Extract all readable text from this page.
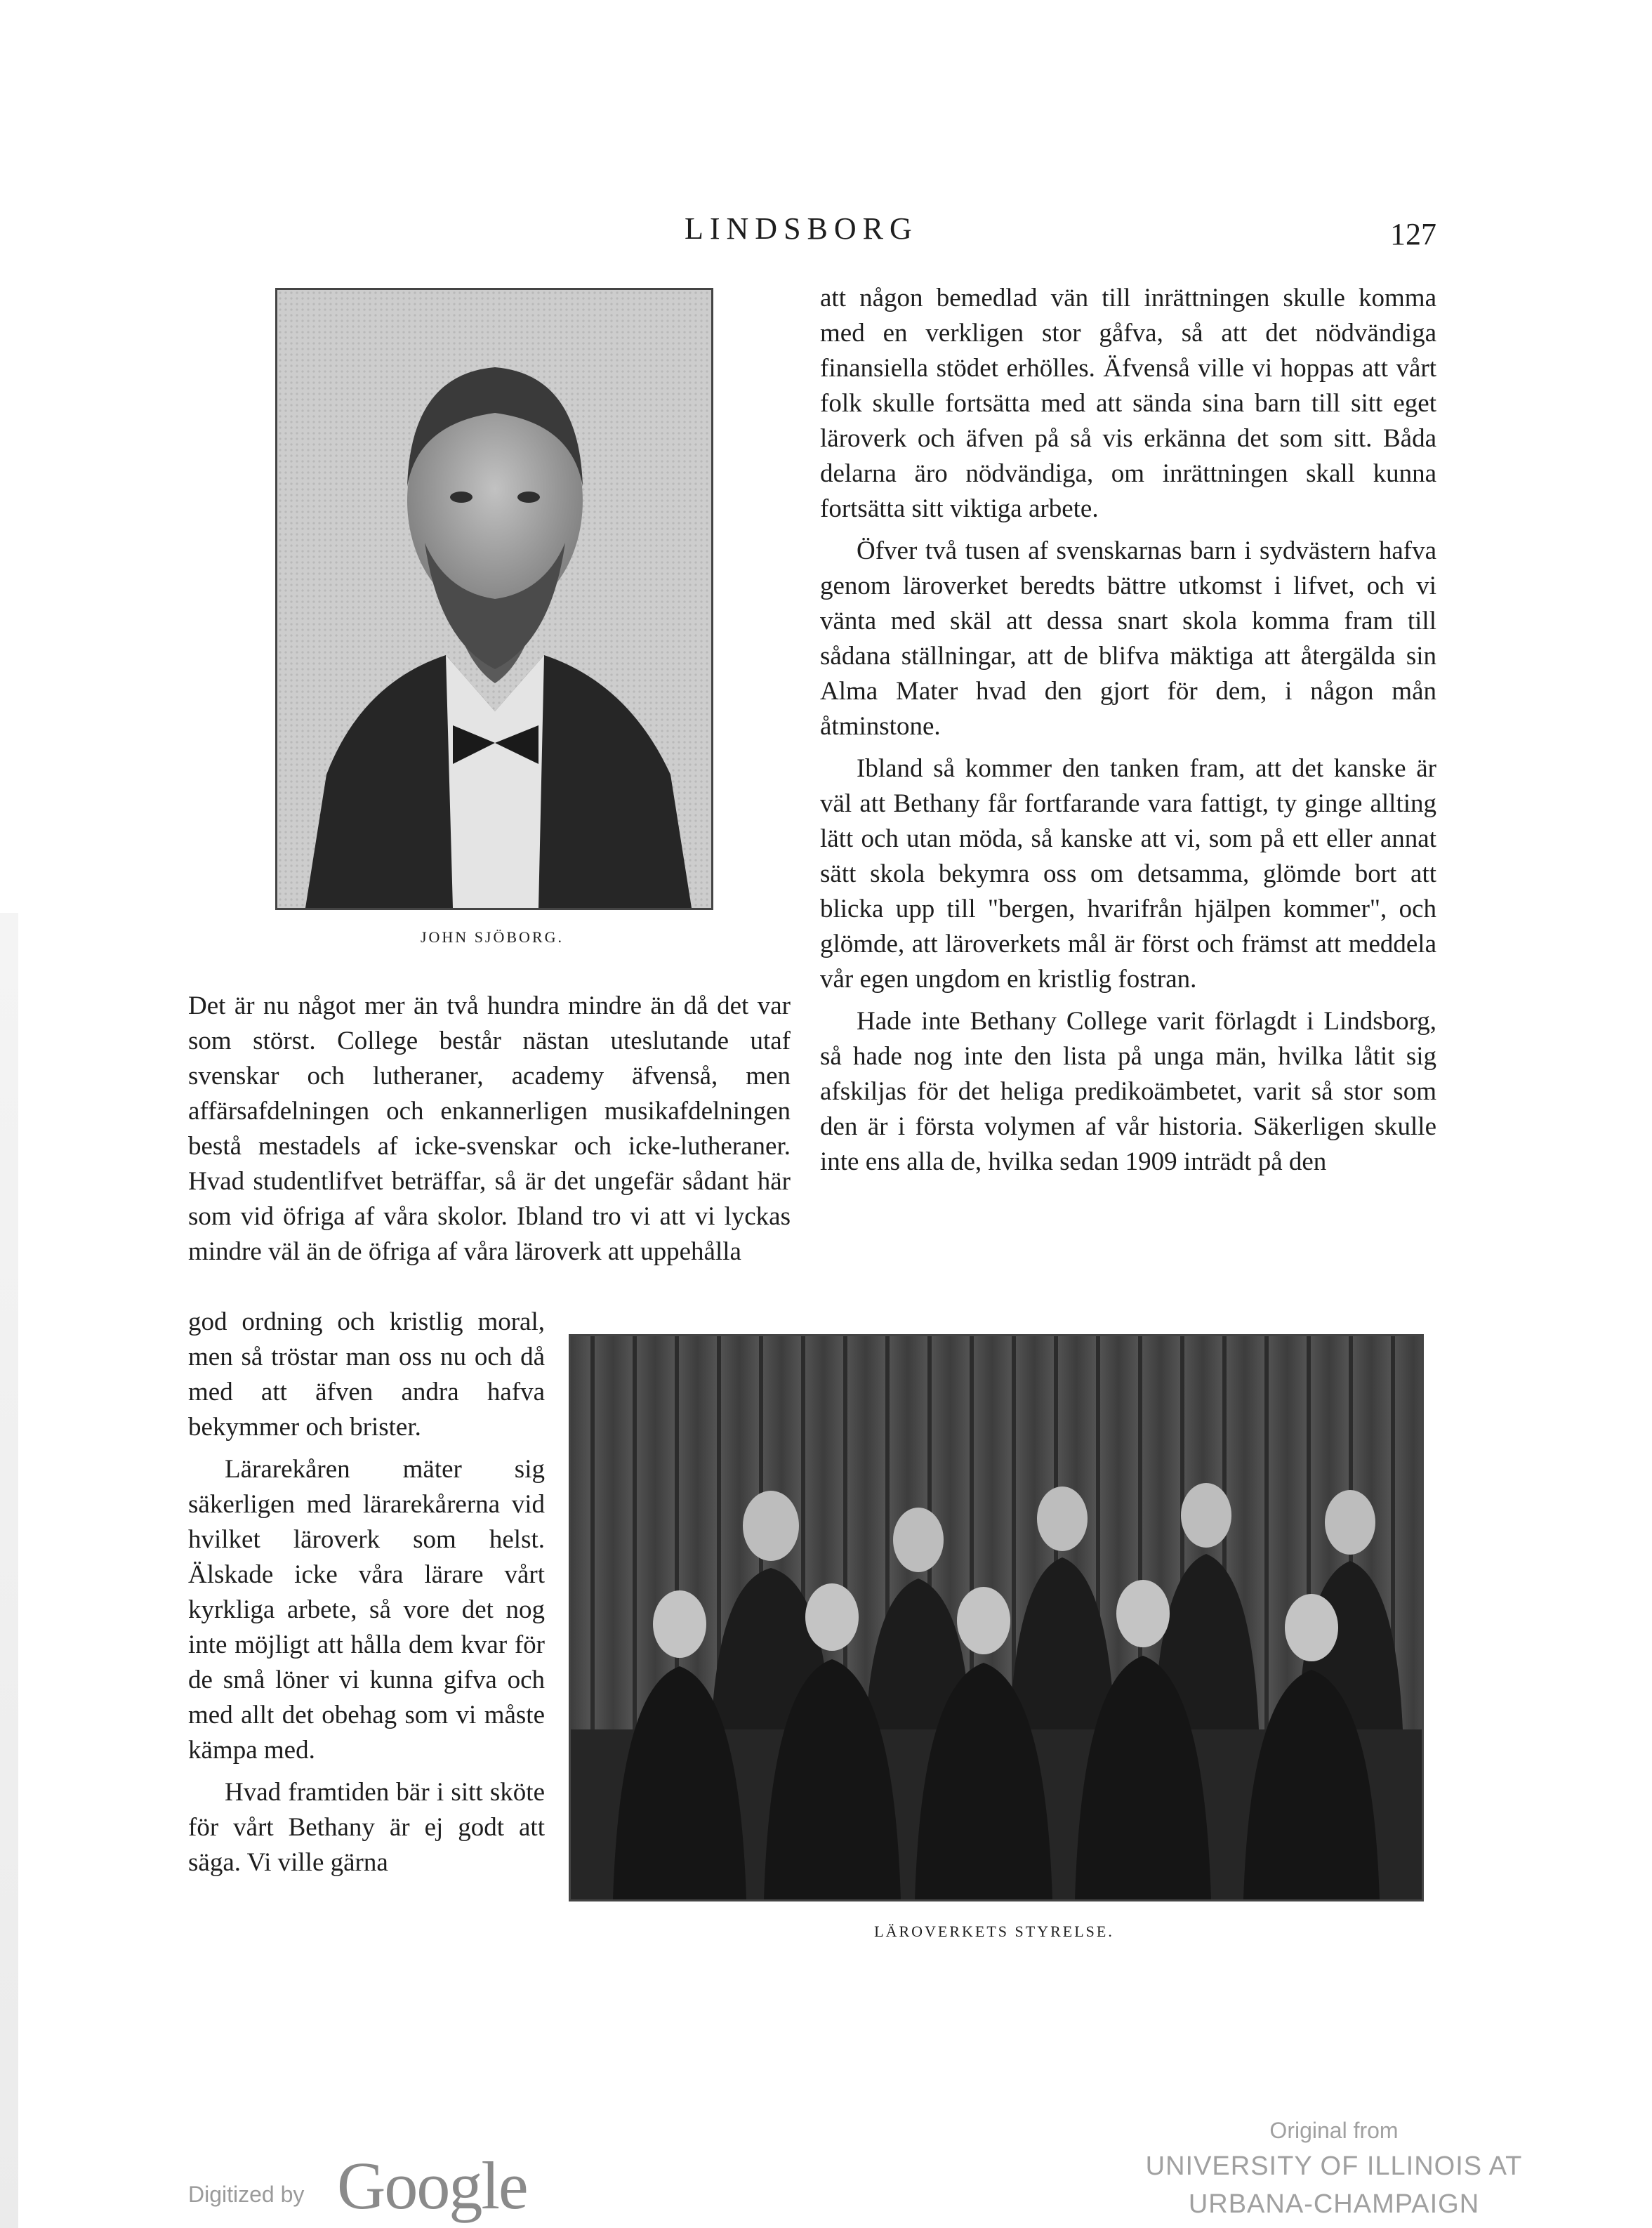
LINDSBORG	127
JOHN SJÖBORG.

att någon bemedlad vän till inrättningen skulle komma med en verkligen stor gåfva, så att det nödvändiga finansiella stödet erhölles. Äfvenså ville vi hoppas att vårt folk skulle fortsätta med att sända sina barn till sitt eget läroverk och äfven på så vis erkänna det som sitt. Båda delarna äro nödvändiga, om inrättningen skall kunna fortsätta sitt viktiga arbete.

Öfver två tusen af svenskarnas barn i sydvästern hafva genom läroverket beredts bättre utkomst i lifvet, och vi vänta med skäl att dessa snart skola komma fram till sådana ställningar, att de blifva mäktiga att återgälda sin Alma Mater hvad den gjort för dem, i någon mån åtminstone.

Ibland så kommer den tanken fram, att det kanske är väl att Bethany får fortfarande vara fattigt, ty ginge allting lätt och utan möda, så kanske att vi, som på ett eller annat sätt skola bekymra oss om detsamma, glömde bort att blicka upp till "bergen, hvarifrån hjälpen kommer", och glömde, att läroverkets mål är först och främst att meddela vår egen ungdom en kristlig fostran.

Hade inte Bethany College varit förlagdt i Lindsborg, så hade nog inte den lista på unga män, hvilka låtit sig afskiljas för det heliga predikoämbetet, varit så stor som den är i första volymen af vår historia. Säkerligen skulle inte ens alla de, hvilka sedan 1909 inträdt på den

Det är nu något mer än två hundra mindre än då det var som störst. College består nästan uteslutande utaf svenskar och lutheraner, academy äfvenså, men affärsafdelningen och enkannerligen musikafdelningen bestå mestadels af icke-svenskar och icke-lutheraner. Hvad studentlifvet beträffar, så är det ungefär sådant här som vid öfriga af våra skolor. Ibland tro vi att vi lyckas mindre väl än de öfriga af våra läroverk att uppehålla

god ordning och kristlig moral, men så tröstar man oss nu och då med att äfven andra hafva bekymmer och brister.

Lärarekåren mäter sig säkerligen med lärarekårerna vid hvilket läroverk som helst. Älskade icke våra lärare vårt kyrkliga arbete, så vore det nog inte möjligt att hålla dem kvar för de små löner vi kunna gifva och med allt det obehag som vi måste kämpa med.

Hvad framtiden bär i sitt sköte för vårt Bethany är ej godt att säga. Vi ville gärna

LÄROVERKETS STYRELSE.
Digitized by Google
Original from
UNIVERSITY OF ILLINOIS AT
URBANA-CHAMPAIGN
